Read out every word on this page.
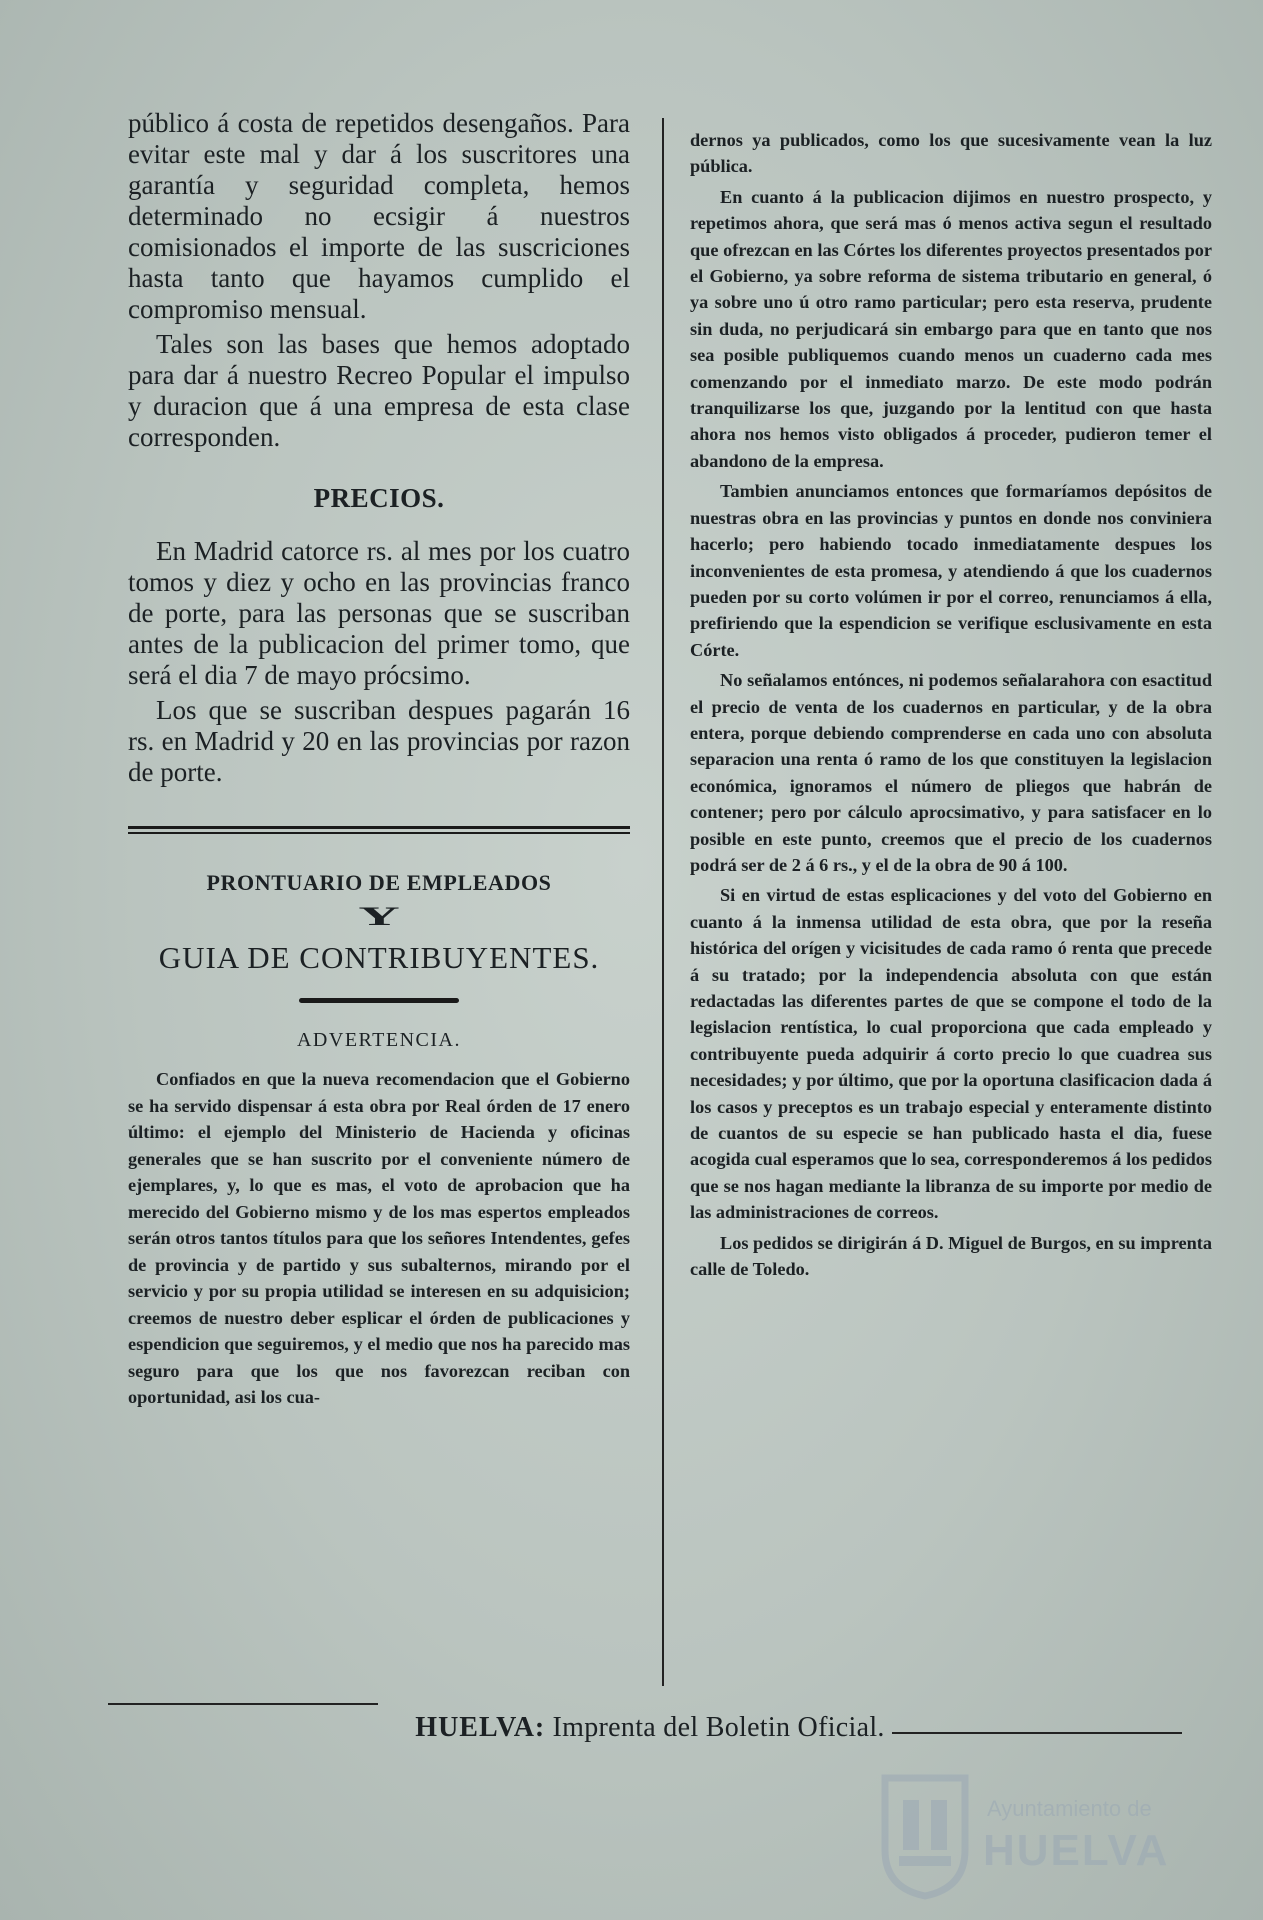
público á costa de repetidos desengaños. Para evitar este mal y dar á los suscritores una garantía y seguridad completa, hemos determinado no ecsigir á nuestros comisionados el importe de las suscriciones hasta tanto que hayamos cumplido el compromiso mensual.

Tales son las bases que hemos adoptado para dar á nuestro Recreo Popular el impulso y duracion que á una empresa de esta clase corresponden.

PRECIOS.

En Madrid catorce rs. al mes por los cuatro tomos y diez y ocho en las provincias franco de porte, para las personas que se suscriban antes de la publicacion del primer tomo, que será el dia 7 de mayo prócsimo.

Los que se suscriban despues pagarán 16 rs. en Madrid y 20 en las provincias por razon de porte.

PRONTUARIO DE EMPLEADOS
Y
GUIA DE CONTRIBUYENTES.
ADVERTENCIA.

Confiados en que la nueva recomendacion que el Gobierno se ha servido dispensar á esta obra por Real órden de 17 enero último: el ejemplo del Ministerio de Hacienda y oficinas generales que se han suscrito por el conveniente número de ejemplares, y, lo que es mas, el voto de aprobacion que ha merecido del Gobierno mismo y de los mas espertos empleados serán otros tantos títulos para que los señores Intendentes, gefes de provincia y de partido y sus subalternos, mirando por el servicio y por su propia utilidad se interesen en su adquisicion; creemos de nuestro deber esplicar el órden de publicaciones y espendicion que seguiremos, y el medio que nos ha parecido mas seguro para que los que nos favorezcan reciban con oportunidad, asi los cua-

dernos ya publicados, como los que sucesivamente vean la luz pública.

En cuanto á la publicacion dijimos en nuestro prospecto, y repetimos ahora, que será mas ó menos activa segun el resultado que ofrezcan en las Córtes los diferentes proyectos presentados por el Gobierno, ya sobre reforma de sistema tributario en general, ó ya sobre uno ú otro ramo particular; pero esta reserva, prudente sin duda, no perjudicará sin embargo para que en tanto que nos sea posible publiquemos cuando menos un cuaderno cada mes comenzando por el inmediato marzo. De este modo podrán tranquilizarse los que, juzgando por la lentitud con que hasta ahora nos hemos visto obligados á proceder, pudieron temer el abandono de la empresa.

Tambien anunciamos entonces que formaríamos depósitos de nuestras obra en las provincias y puntos en donde nos conviniera hacerlo; pero habiendo tocado inmediatamente despues los inconvenientes de esta promesa, y atendiendo á que los cuadernos pueden por su corto volúmen ir por el correo, renunciamos á ella, prefiriendo que la espendicion se verifique esclusivamente en esta Córte.

No señalamos entónces, ni podemos señalarahora con esactitud el precio de venta de los cuadernos en particular, y de la obra entera, porque debiendo comprenderse en cada uno con absoluta separacion una renta ó ramo de los que constituyen la legislacion económica, ignoramos el número de pliegos que habrán de contener; pero por cálculo aprocsimativo, y para satisfacer en lo posible en este punto, creemos que el precio de los cuadernos podrá ser de 2 á 6 rs., y el de la obra de 90 á 100.

Si en virtud de estas esplicaciones y del voto del Gobierno en cuanto á la inmensa utilidad de esta obra, que por la reseña histórica del orígen y vicisitudes de cada ramo ó renta que precede á su tratado; por la independencia absoluta con que están redactadas las diferentes partes de que se compone el todo de la legislacion rentística, lo cual proporciona que cada empleado y contribuyente pueda adquirir á corto precio lo que cuadrea sus necesidades; y por último, que por la oportuna clasificacion dada á los casos y preceptos es un trabajo especial y enteramente distinto de cuantos de su especie se han publicado hasta el dia, fuese acogida cual esperamos que lo sea, corresponderemos á los pedidos que se nos hagan mediante la libranza de su importe por medio de las administraciones de correos.

Los pedidos se dirigirán á D. Miguel de Burgos, en su imprenta calle de Toledo.

HUELVA: Imprenta del Boletin Oficial.
Ayuntamiento de
HUELVA
